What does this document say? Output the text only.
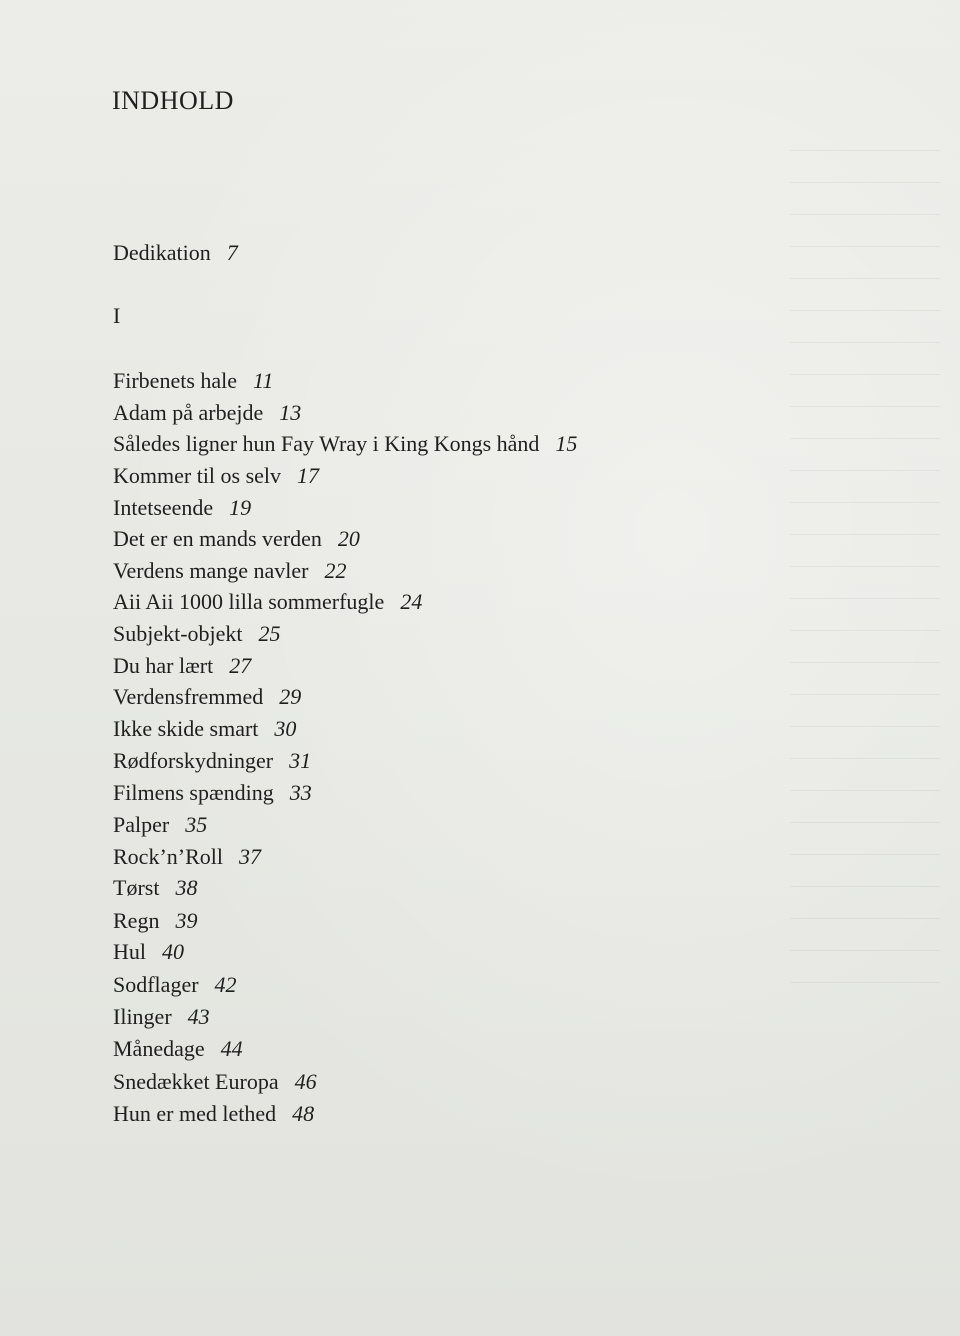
INDHOLD
Dedikation 7
I
Firbenets hale 11
Adam på arbejde 13
Således ligner hun Fay Wray i King Kongs hånd 15
Kommer til os selv 17
Intetseende 19
Det er en mands verden 20
Verdens mange navler 22
Aii Aii 1000 lilla sommerfugle 24
Subjekt-objekt 25
Du har lært 27
Verdensfremmed 29
Ikke skide smart 30
Rødforskydninger 31
Filmens spænding 33
Palper 35
Rock’n’Roll 37
Tørst 38
Regn 39
Hul 40
Sodflager 42
Ilinger 43
Månedage 44
Snedækket Europa 46
Hun er med lethed 48
